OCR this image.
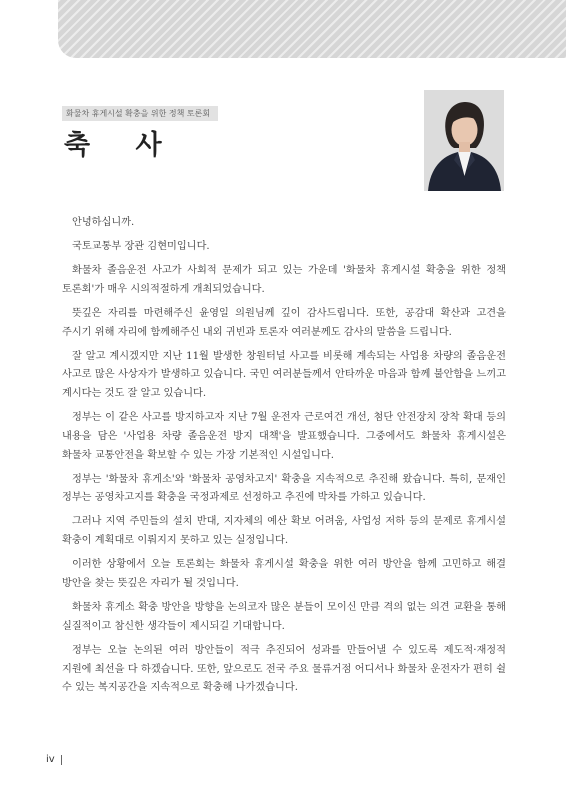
화물차 휴게시설 확충을 위한 정책 토론회
축 사

안녕하십니까.

국토교통부 장관 김현미입니다.

화물차 졸음운전 사고가 사회적 문제가 되고 있는 가운데 '화물차 휴게시설 확충을 위한 정책 토론회'가 매우 시의적절하게 개최되었습니다.

뜻깊은 자리를 마련해주신 윤영일 의원님께 깊이 감사드립니다. 또한, 공감대 확산과 고견을 주시기 위해 자리에 함께해주신 내외 귀빈과 토론자 여러분께도 감사의 말씀을 드립니다.

잘 알고 계시겠지만 지난 11월 발생한 창원터널 사고를 비롯해 계속되는 사업용 차량의 졸음운전 사고로 많은 사상자가 발생하고 있습니다. 국민 여러분들께서 안타까운 마음과 함께 불안함을 느끼고 계시다는 것도 잘 알고 있습니다.

정부는 이 같은 사고를 방지하고자 지난 7월 운전자 근로여건 개선, 첨단 안전장치 장착 확대 등의 내용을 담은 '사업용 차량 졸음운전 방지 대책'을 발표했습니다. 그중에서도 화물차 휴게시설은 화물차 교통안전을 확보할 수 있는 가장 기본적인 시설입니다.

정부는 '화물차 휴게소'와 '화물차 공영차고지' 확충을 지속적으로 추진해 왔습니다. 특히, 문재인 정부는 공영차고지를 확충을 국정과제로 선정하고 추진에 박차를 가하고 있습니다.

그러나 지역 주민들의 설치 반대, 지자체의 예산 확보 어려움, 사업성 저하 등의 문제로 휴게시설 확충이 계획대로 이뤄지지 못하고 있는 실정입니다.

이러한 상황에서 오늘 토론회는 화물차 휴게시설 확충을 위한 여러 방안을 함께 고민하고 해결 방안을 찾는 뜻깊은 자리가 될 것입니다.

화물차 휴게소 확충 방안을 방향을 논의코자 많은 분들이 모이신 만큼 격의 없는 의견 교환을 통해 실질적이고 참신한 생각들이 제시되길 기대합니다.

정부는 오늘 논의된 여러 방안들이 적극 추진되어 성과를 만들어낼 수 있도록 제도적·재정적 지원에 최선을 다 하겠습니다. 또한, 앞으로도 전국 주요 물류거점 어디서나 화물차 운전자가 편히 쉴 수 있는 복지공간을 지속적으로 확충해 나가겠습니다.

iv
